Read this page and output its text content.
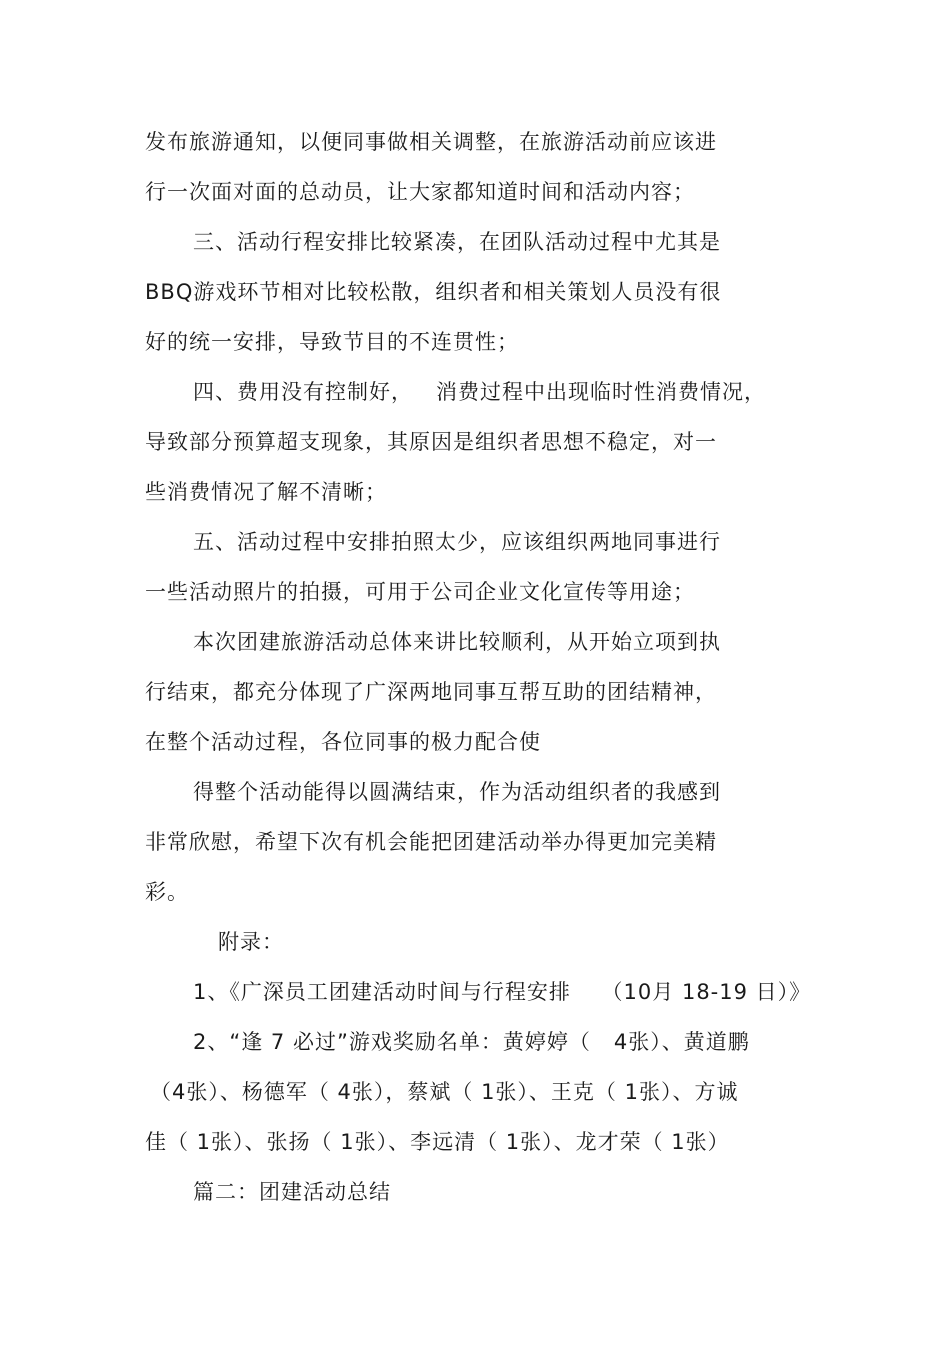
发布旅游通知，以便同事做相关调整，在旅游活动前应该进
行一次面对面的总动员，让大家都知道时间和活动内容；
三、活动行程安排比较紧凑，在团队活动过程中尤其是
BBQ游戏环节相对比较松散，组织者和相关策划人员没有很
好的统一安排，导致节目的不连贯性；
四、费用没有控制好，   消费过程中出现临时性消费情况，
导致部分预算超支现象，其原因是组织者思想不稳定，对一
些消费情况了解不清晰；
五、活动过程中安排拍照太少，应该组织两地同事进行
一些活动照片的拍摄，可用于公司企业文化宣传等用途；
本次团建旅游活动总体来讲比较顺利，从开始立项到执
行结束，都充分体现了广深两地同事互帮互助的团结精神，
在整个活动过程，各位同事的极力配合使
得整个活动能得以圆满结束，作为活动组织者的我感到
非常欣慰，希望下次有机会能把团建活动举办得更加完美精
彩。
附录：
1、《广深员工团建活动时间与行程安排    （10月 18-19 日）》
2、“逢 7 必过”游戏奖励名单：黄婷婷（   4张）、黄道鹏
（4张）、杨德军（ 4张），蔡斌（ 1张）、王克（ 1张）、方诚
佳（ 1张）、张扬（ 1张）、李远清（ 1张）、龙才荣（ 1张）
篇二：团建活动总结
